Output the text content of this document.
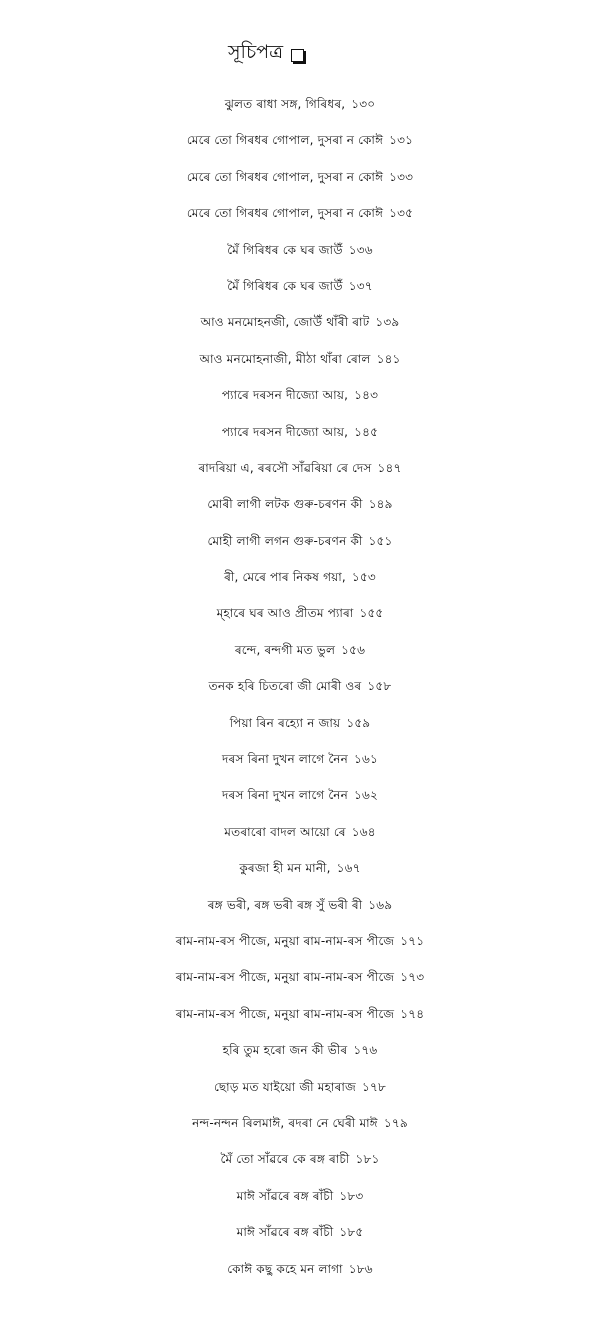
সূচিপত্ৰ
ঝুলত ৰাধা সঙ্গ, গিৰিধৰ, ১৩০
মেৰে তো গিৰধৰ গোপাল, দুসৰা ন কোঈ ১৩১
মেৰে তো গিৰধৰ গোপাল, দুসৰা ন কোঈ ১৩৩
মেৰে তো গিৰধৰ গোপাল, দুসৰা ন কোঈ ১৩৫
মৈঁ গিৰিধৰ কে ঘৰ জাউঁ ১৩৬
মৈঁ গিৰিধৰ কে ঘৰ জাউঁ ১৩৭
আও মনমোহনজী, জোউঁ থাঁৰী ৰাট ১৩৯
আও মনমোহনাজী, মীঠা থাঁৰা ৰোল ১৪১
প্যাৰে দৰসন দীজ্যো আয়, ১৪৩
প্যাৰে দৰসন দীজ্যো আয়, ১৪৫
ৰাদৰিয়া এ, ৰৰসৌ সাঁৱৰিয়া ৰে দেস ১৪৭
মোৰী লাগী লটক গুৰু-চৰণন কী ১৪৯
মোহী লাগী লগন গুৰু-চৰণন কী ১৫১
ৰী, মেৰে পাৰ নিকষ গয়া, ১৫৩
ম্হাৰে ঘৰ আও প্ৰীতম প্যাৰা ১৫৫
ৰন্দে, ৰন্দগী মত ভুল ১৫৬
তনক হৰি চিতৰো জী মোৰী ওৰ ১৫৮
পিয়া ৰিন ৰহ্যো ন জায় ১৫৯
দৰস ৰিনা দুখন লাগে নৈন ১৬১
দৰস ৰিনা দুখন লাগে নৈন ১৬২
মতৰাৰো বাদল আয়ো ৰে ১৬৪
কুৰজা হী মন মানী, ১৬৭
ৰঙ্গ ভৰী, ৰঙ্গ ভৰী ৰঙ্গ সুঁ ভৰী ৰী ১৬৯
ৰাম-নাম-ৰস পীজে, মনুয়া ৰাম-নাম-ৰস পীজে ১৭১
ৰাম-নাম-ৰস পীজে, মনুয়া ৰাম-নাম-ৰস পীজে ১৭৩
ৰাম-নাম-ৰস পীজে, মনুয়া ৰাম-নাম-ৰস পীজে ১৭৪
হৰি তুম হৰো জন কী ভীৰ ১৭৬
ছোড় মত যাইয়ো জী মহাৰাজ ১৭৮
নন্দ-নন্দন ৰিলমাঈ, ৰদৰা নে ঘেৰী মাঈ ১৭৯
মৈঁ তো সাঁৱৰে কে ৰঙ্গ ৰাচী ১৮১
মাঈ সাঁৱৰে ৰঙ্গ ৰাঁচী ১৮৩
মাঈ সাঁৱৰে ৰঙ্গ ৰাঁচী ১৮৫
কোঈ কছু কহে মন লাগা ১৮৬
